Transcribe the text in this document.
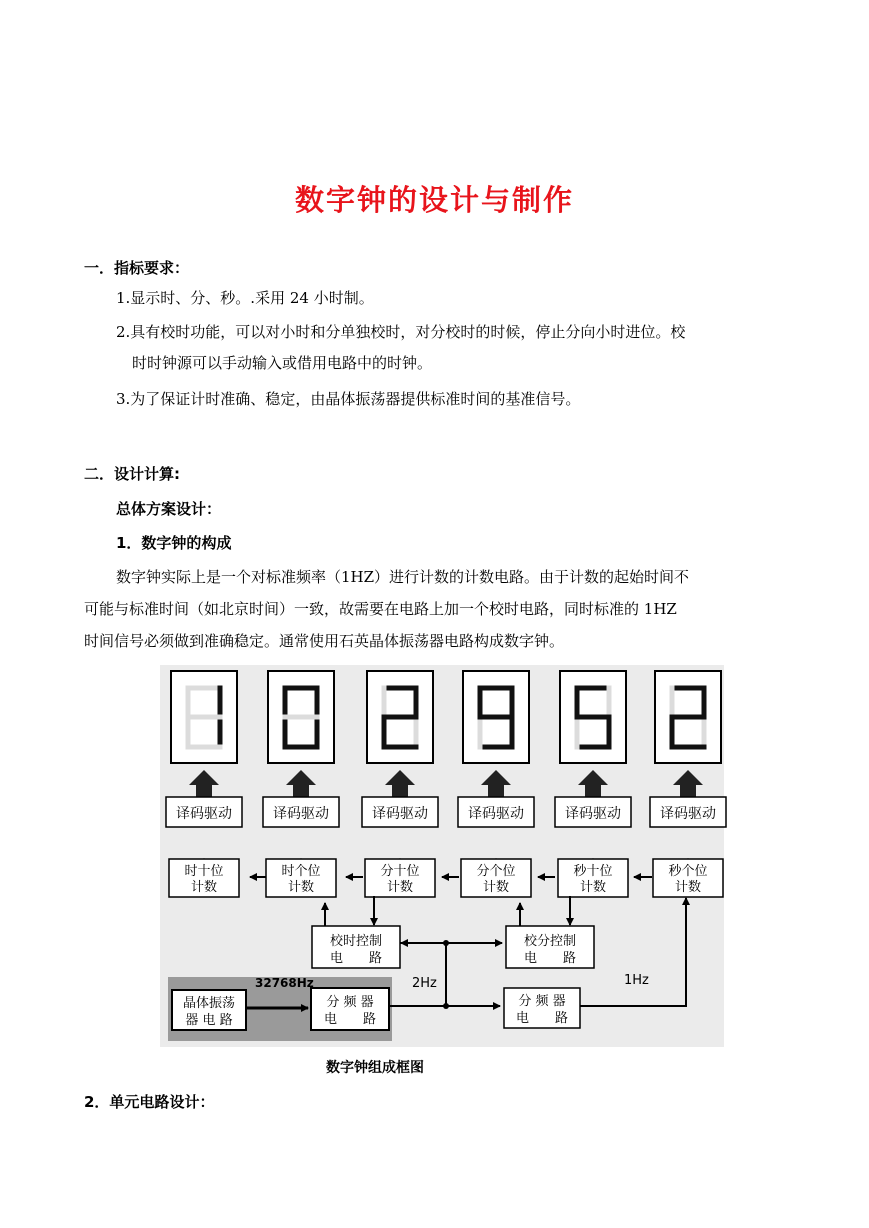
数字钟的设计与制作
一．指标要求：
1.显示时、分、秒。.采用 24 小时制。
2.具有校时功能，可以对小时和分单独校时，对分校时的时候，停止分向小时进位。校
时时钟源可以手动输入或借用电路中的时钟。
3.为了保证计时准确、稳定，由晶体振荡器提供标准时间的基准信号。
二．设计计算:
总体方案设计：
1．数字钟的构成
数字钟实际上是一个对标准频率（1HZ）进行计数的计数电路。由于计数的起始时间不
可能与标准时间（如北京时间）一致，故需要在电路上加一个校时电路，同时标准的 1HZ
时间信号必须做到准确稳定。通常使用石英晶体振荡器电路构成数字钟。
译码驱动
时十位
计数
译码驱动
时个位
计数
译码驱动
分十位
计数
译码驱动
分个位
计数
译码驱动
秒十位
计数
译码驱动
秒个位
计数
校时控制
电　　路
校分控制
电　　路
晶体振荡
器 电 路
分 频 器
电　　路
分 频 器
电　　路
32768Hz	2Hz	1Hz
数字钟组成框图
2．单元电路设计：
